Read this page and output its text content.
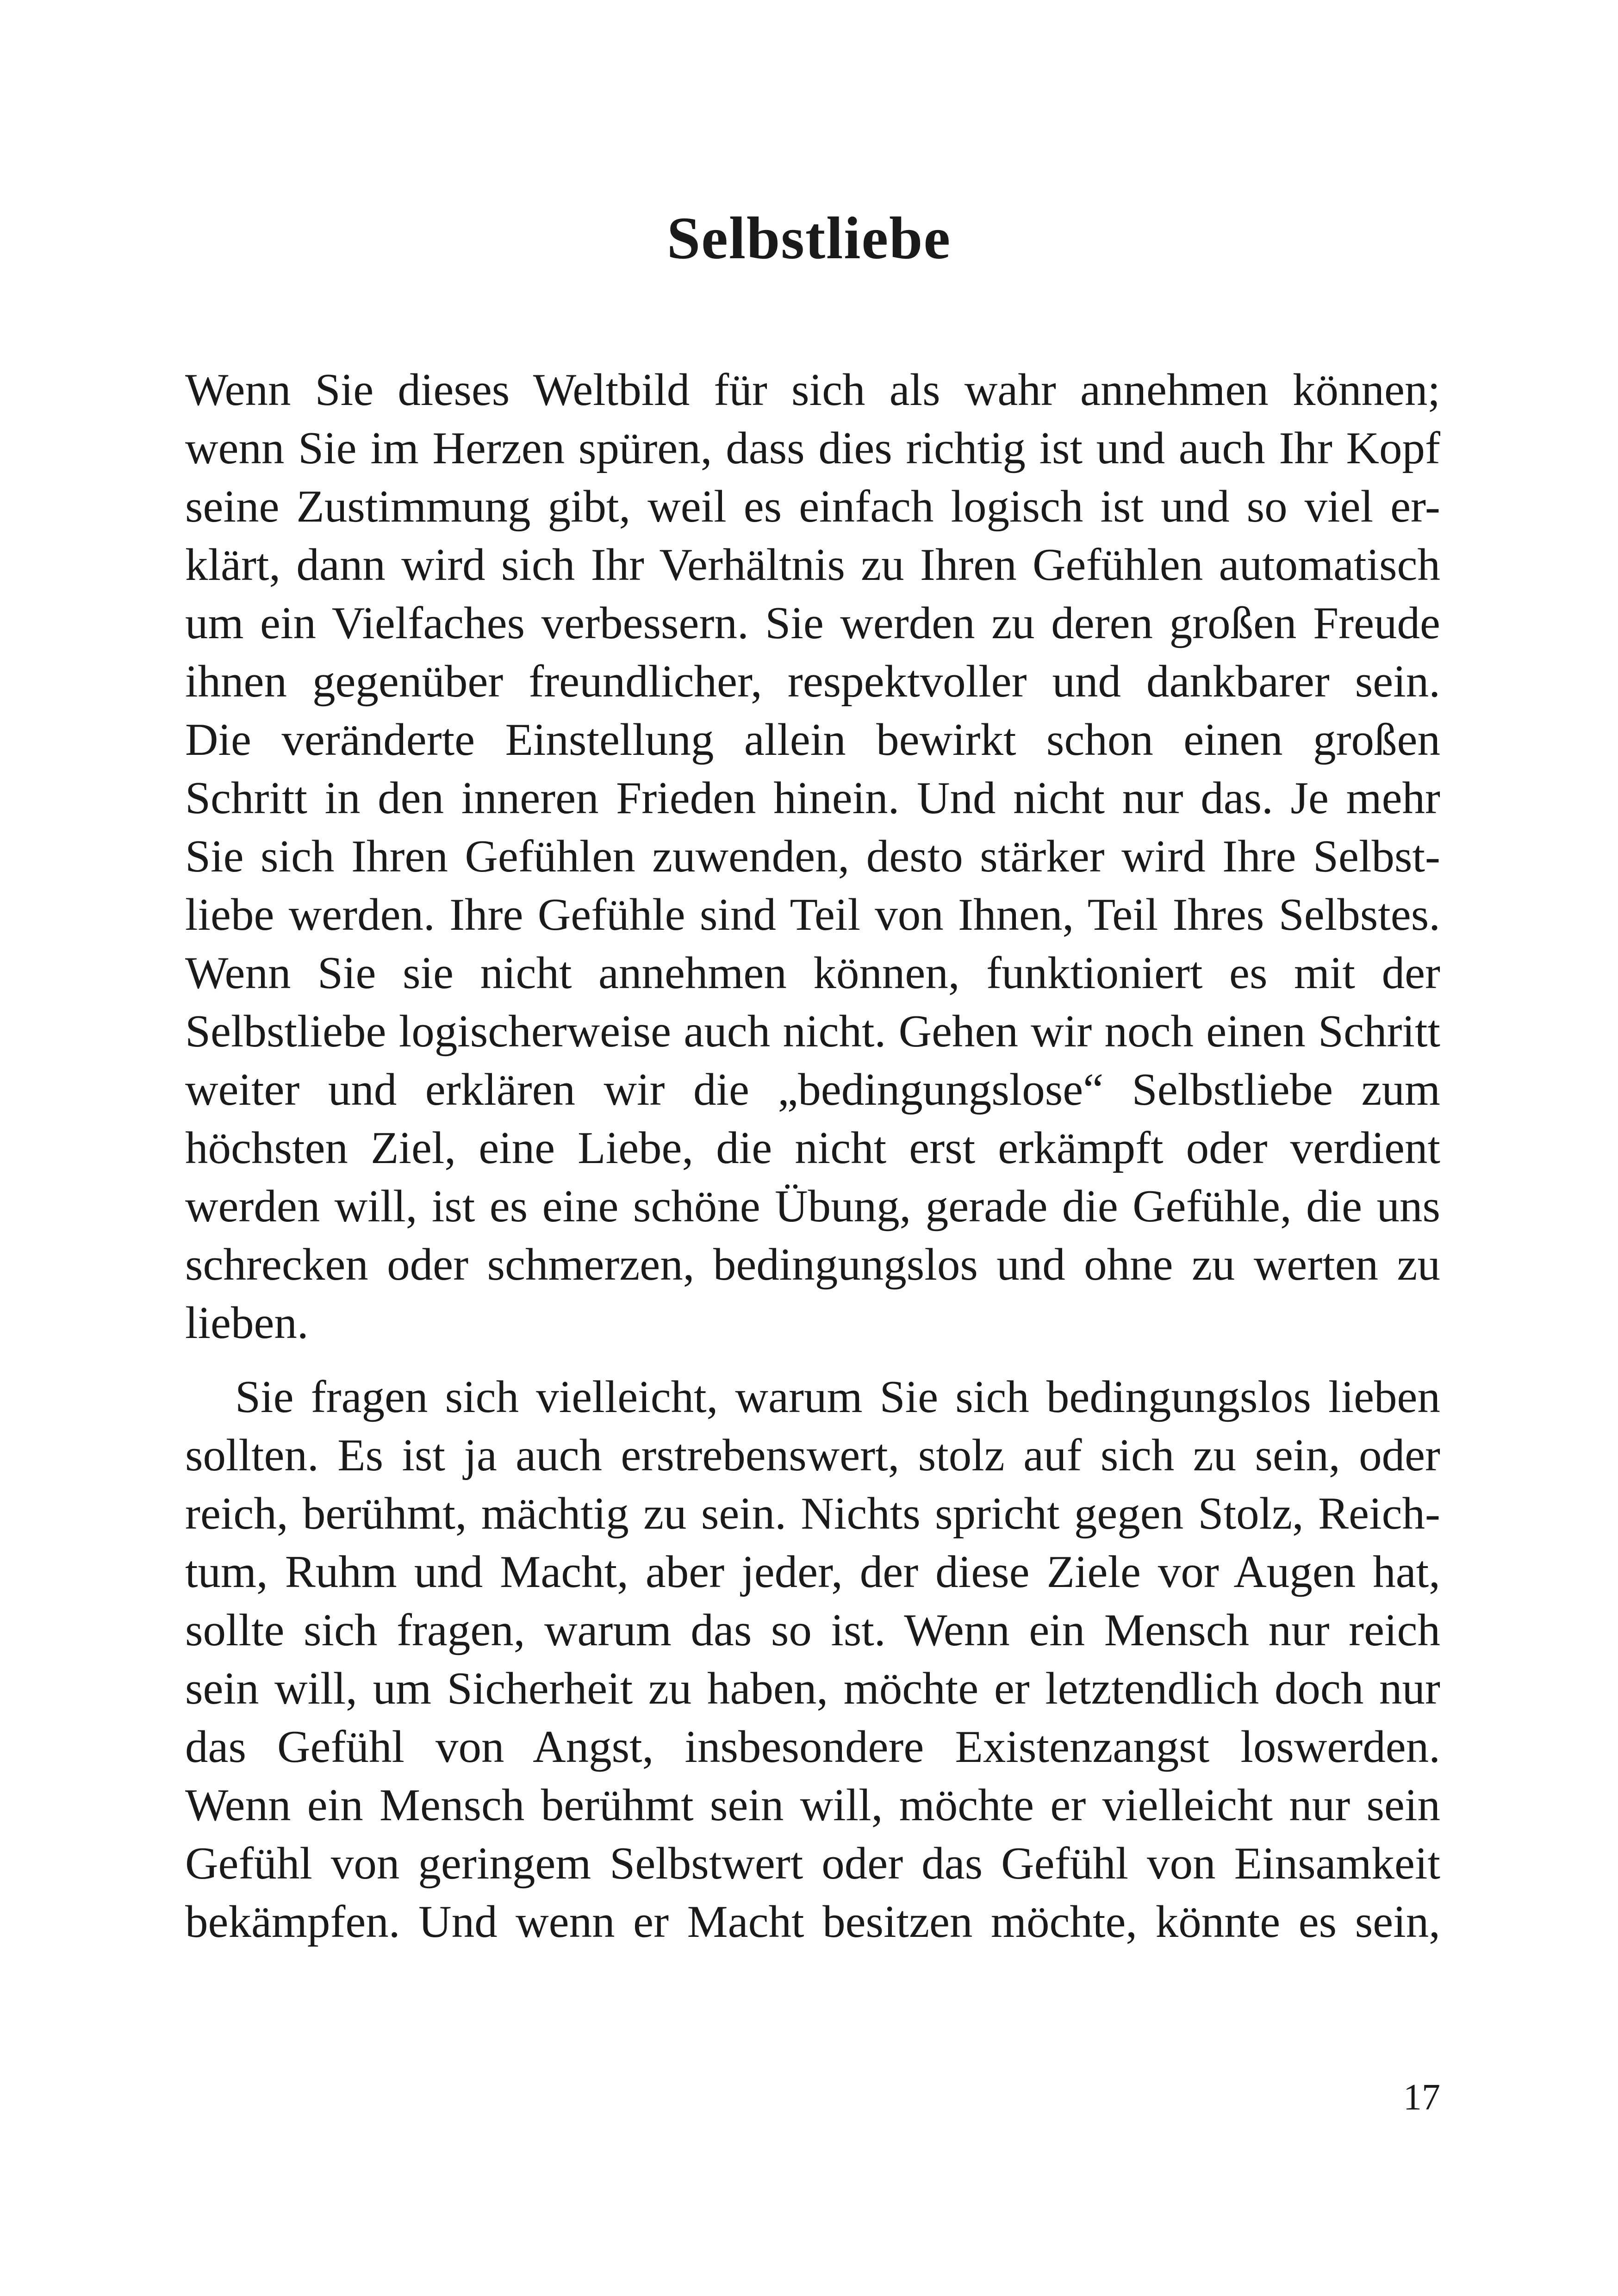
Selbstliebe

Wenn Sie dieses Weltbild für sich als wahr annehmen können;
wenn Sie im Herzen spüren, dass dies richtig ist und auch Ihr Kopf
seine Zustimmung gibt, weil es einfach logisch ist und so viel er-
klärt, dann wird sich Ihr Verhältnis zu Ihren Gefühlen automatisch
um ein Vielfaches verbessern. Sie werden zu deren großen Freude
ihnen gegenüber freundlicher, respektvoller und dankbarer sein.
Die veränderte Einstellung allein bewirkt schon einen großen
Schritt in den inneren Frieden hinein. Und nicht nur das. Je mehr
Sie sich Ihren Gefühlen zuwenden, desto stärker wird Ihre Selbst-
liebe werden. Ihre Gefühle sind Teil von Ihnen, Teil Ihres Selbstes.
Wenn Sie sie nicht annehmen können, funktioniert es mit der
Selbstliebe logischerweise auch nicht. Gehen wir noch einen Schritt
weiter und erklären wir die „bedingungslose“ Selbstliebe zum
höchsten Ziel, eine Liebe, die nicht erst erkämpft oder verdient
werden will, ist es eine schöne Übung, gerade die Gefühle, die uns
schrecken oder schmerzen, bedingungslos und ohne zu werten zu
lieben.

Sie fragen sich vielleicht, warum Sie sich bedingungslos lieben
sollten. Es ist ja auch erstrebenswert, stolz auf sich zu sein, oder
reich, berühmt, mächtig zu sein. Nichts spricht gegen Stolz, Reich-
tum, Ruhm und Macht, aber jeder, der diese Ziele vor Augen hat,
sollte sich fragen, warum das so ist. Wenn ein Mensch nur reich
sein will, um Sicherheit zu haben, möchte er letztendlich doch nur
das Gefühl von Angst, insbesondere Existenzangst loswerden.
Wenn ein Mensch berühmt sein will, möchte er vielleicht nur sein
Gefühl von geringem Selbstwert oder das Gefühl von Einsamkeit
bekämpfen. Und wenn er Macht besitzen möchte, könnte es sein,

17
